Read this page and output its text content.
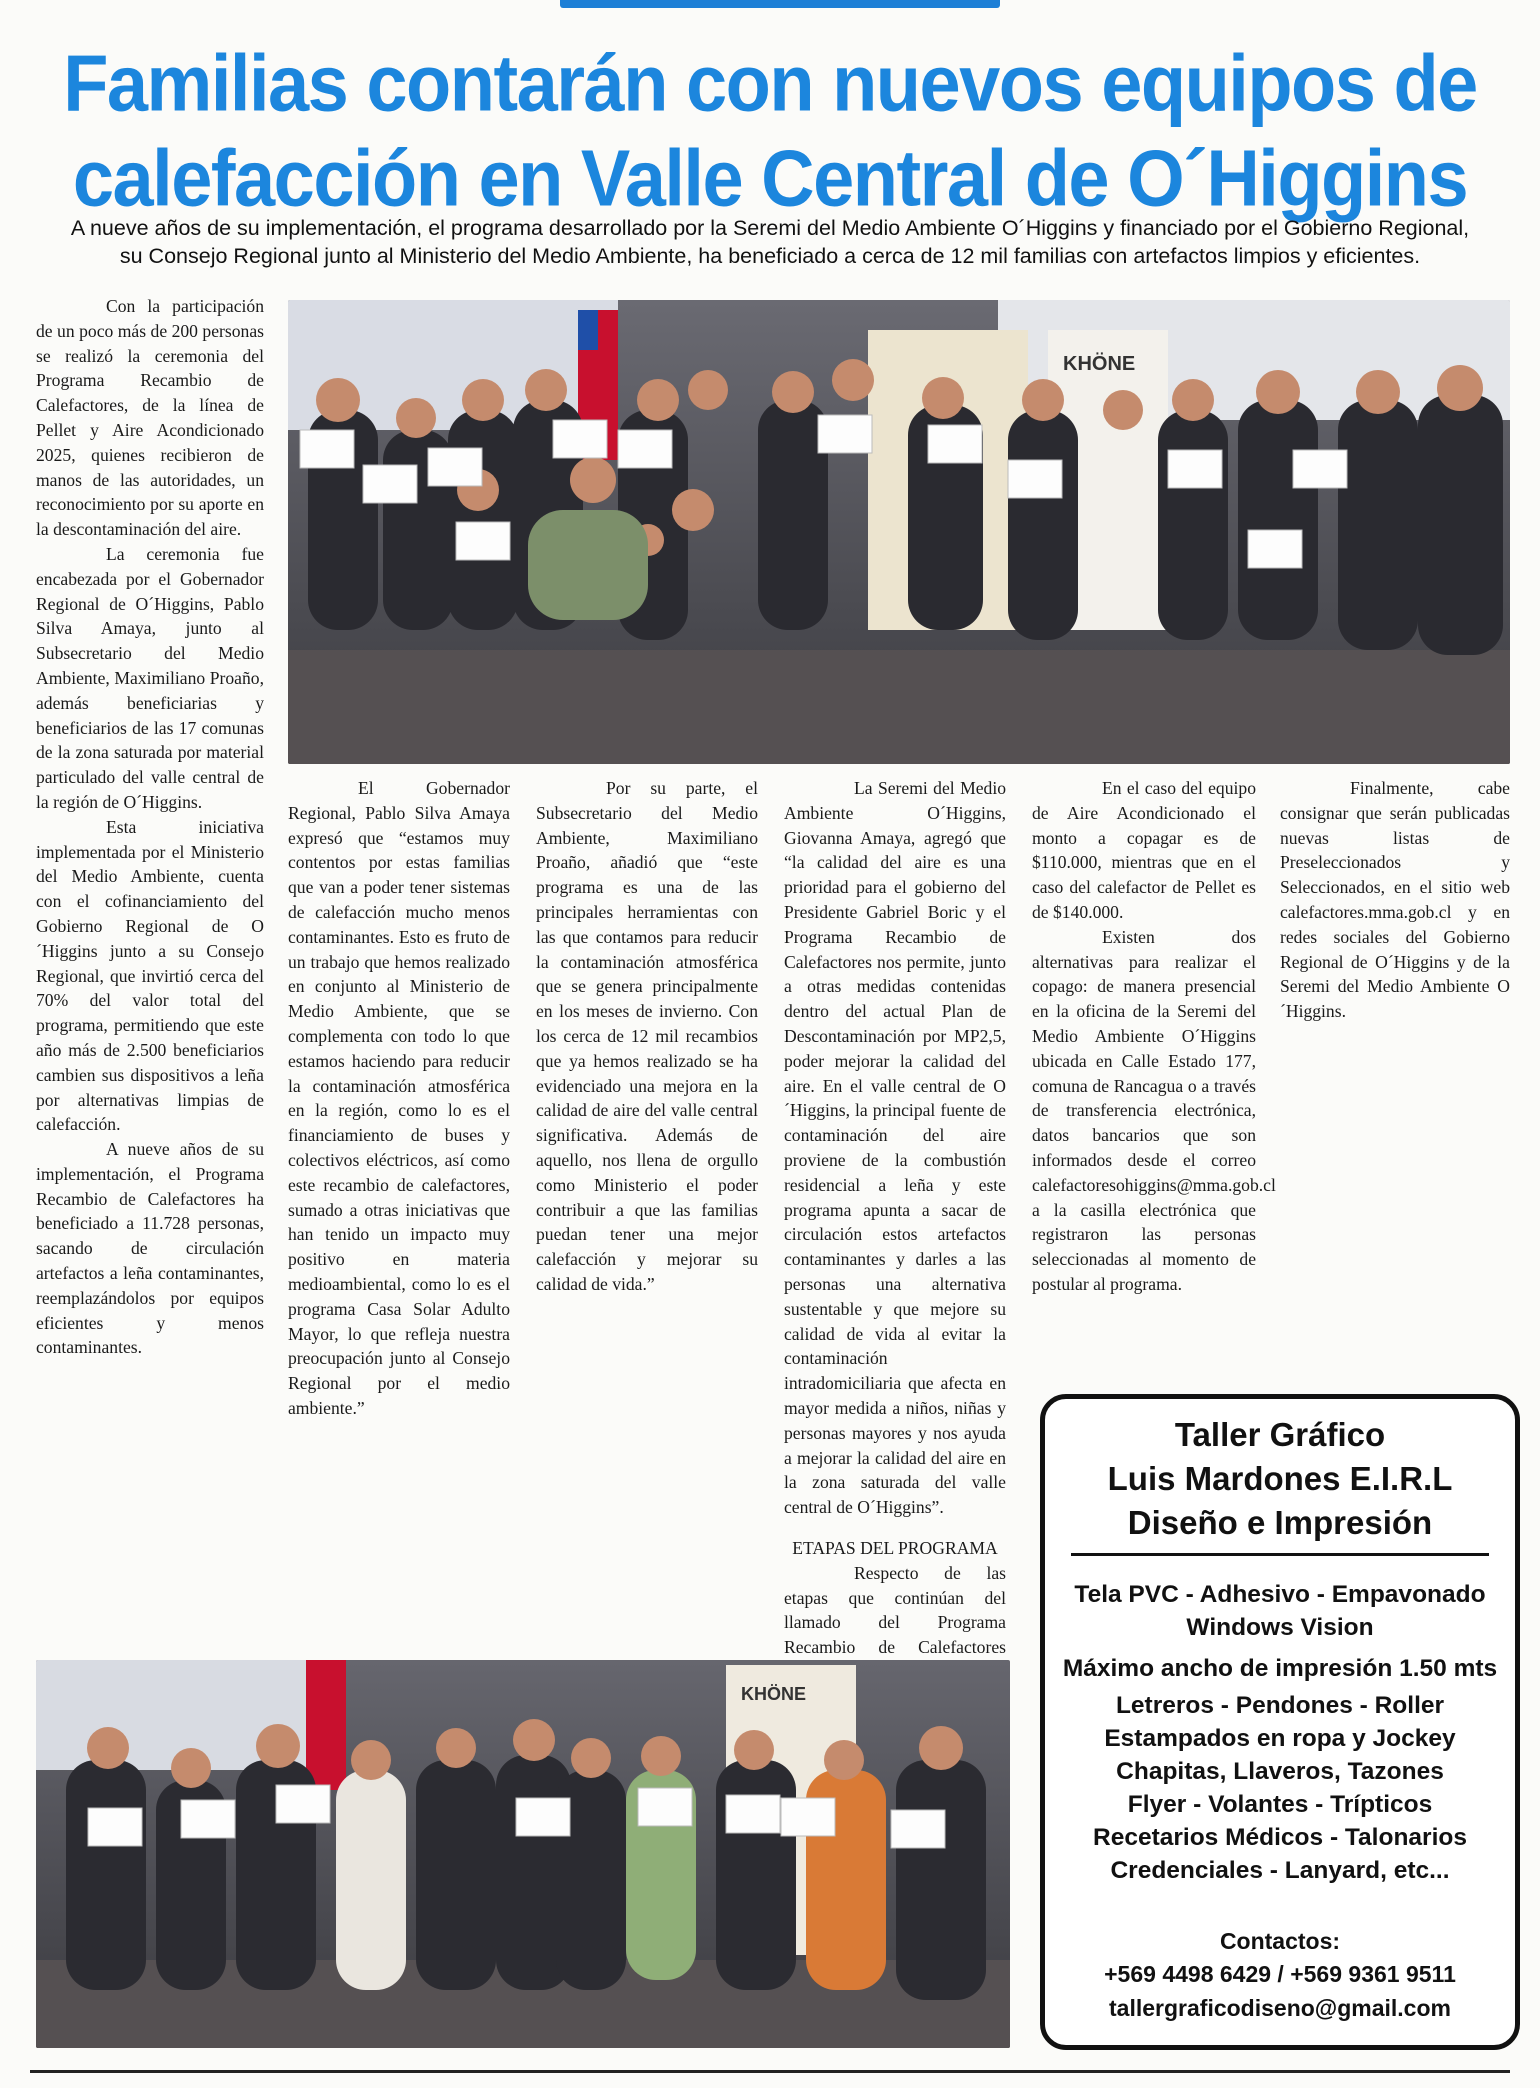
Familias contarán con nuevos equipos de
calefacción en Valle Central de O´Higgins

A nueve años de su implementación, el programa desarrollado por la Seremi del Medio Ambiente O´Higgins y financiado por el Gobierno Regional,
su Consejo Regional junto al Ministerio del Medio Ambiente, ha beneficiado a cerca de 12 mil familias con artefactos limpios y eficientes.

KHÖNE

Con la participación de un poco más de 200 personas se realizó la ceremonia del Programa Recambio de Calefactores, de la línea de Pellet y Aire Acondicionado 2025, quienes recibieron de manos de las autoridades, un reconocimiento por su aporte en la descontaminación del aire.

La ceremonia fue encabezada por el Gobernador Regional de O´Higgins, Pablo Silva Amaya, junto al Subsecretario del Medio Ambiente, Maximiliano Proaño, además beneficiarias y beneficiarios de las 17 comunas de la zona saturada por material particulado del valle central de la región de O´Higgins.

Esta iniciativa implementada por el Ministerio del Medio Ambiente, cuenta con el cofinanciamiento del Gobierno Regional de O´Higgins junto a su Consejo Regional, que invirtió cerca del 70% del valor total del programa, permitiendo que este año más de 2.500 beneficiarios cambien sus dispositivos a leña por alternativas limpias de calefacción.

A nueve años de su implementación, el Programa Recambio de Calefactores ha beneficiado a 11.728 personas, sacando de circulación artefactos a leña contaminantes, reemplazándolos por equipos eficientes y menos contaminantes.

El Gobernador Regional, Pablo Silva Amaya expresó que “estamos muy contentos por estas familias que van a poder tener sistemas de calefacción mucho menos contaminantes. Esto es fruto de un trabajo que hemos realizado en conjunto al Ministerio de Medio Ambiente, que se complementa con todo lo que estamos haciendo para reducir la contaminación atmosférica en la región, como lo es el financiamiento de buses y colectivos eléctricos, así como este recambio de calefactores, sumado a otras iniciativas que han tenido un impacto muy positivo en materia medioambiental, como lo es el programa Casa Solar Adulto Mayor, lo que refleja nuestra preocupación junto al Consejo Regional por el medio ambiente.”

Por su parte, el Subsecretario del Medio Ambiente, Maximiliano Proaño, añadió que “este programa es una de las principales herramientas con las que contamos para reducir la contaminación atmosférica que se genera principalmente en los meses de invierno. Con los cerca de 12 mil recambios que ya hemos realizado se ha evidenciado una mejora en la calidad de aire del valle central significativa. Además de aquello, nos llena de orgullo como Ministerio el poder contribuir a que las familias puedan tener una mejor calefacción y mejorar su calidad de vida.”

La Seremi del Medio Ambiente O´Higgins, Giovanna Amaya, agregó que “la calidad del aire es una prioridad para el gobierno del Presidente Gabriel Boric y el Programa Recambio de Calefactores nos permite, junto a otras medidas contenidas dentro del actual Plan de Descontaminación por MP2,5, poder mejorar la calidad del aire. En el valle central de O´Higgins, la principal fuente de contaminación del aire proviene de la combustión residencial a leña y este programa apunta a sacar de circulación estos artefactos contaminantes y darles a las personas una alternativa sustentable y que mejore su calidad de vida al evitar la contaminación intradomiciliaria que afecta en mayor medida a niños, niñas y personas mayores y nos ayuda a mejorar la calidad del aire en la zona saturada del valle central de O´Higgins”.

ETAPAS DEL PROGRAMA

Respecto de las etapas que continúan del llamado del Programa Recambio de Calefactores

En el caso del equipo de Aire Acondicionado el monto a copagar es de $110.000, mientras que en el caso del calefactor de Pellet es de $140.000.

Existen dos alternativas para realizar el copago: de manera presencial en la oficina de la Seremi del Medio Ambiente O´Higgins ubicada en Calle Estado 177, comuna de Rancagua o a través de transferencia electrónica, datos bancarios que son informados desde el correo calefactoresohiggins@mma.gob.cl a la casilla electrónica que registraron las personas seleccionadas al momento de postular al programa.

Finalmente, cabe consignar que serán publicadas nuevas listas de Preseleccionados y Seleccionados, en el sitio web calefactores.mma.gob.cl y en redes sociales del Gobierno Regional de O´Higgins y de la Seremi del Medio Ambiente O´Higgins.

KHÖNE

Taller Gráfico

Luis Mardones E.I.R.L

Diseño e Impresión

Tela PVC - Adhesivo - Empavonado

Windows Vision

Máximo ancho de impresión 1.50 mts

Letreros - Pendones - Roller

Estampados en ropa y Jockey

Chapitas, Llaveros, Tazones

Flyer - Volantes - Trípticos

Recetarios Médicos - Talonarios

Credenciales - Lanyard, etc...

Contactos:

+569 4498 6429 / +569 9361 9511

tallergraficodiseno@gmail.com
